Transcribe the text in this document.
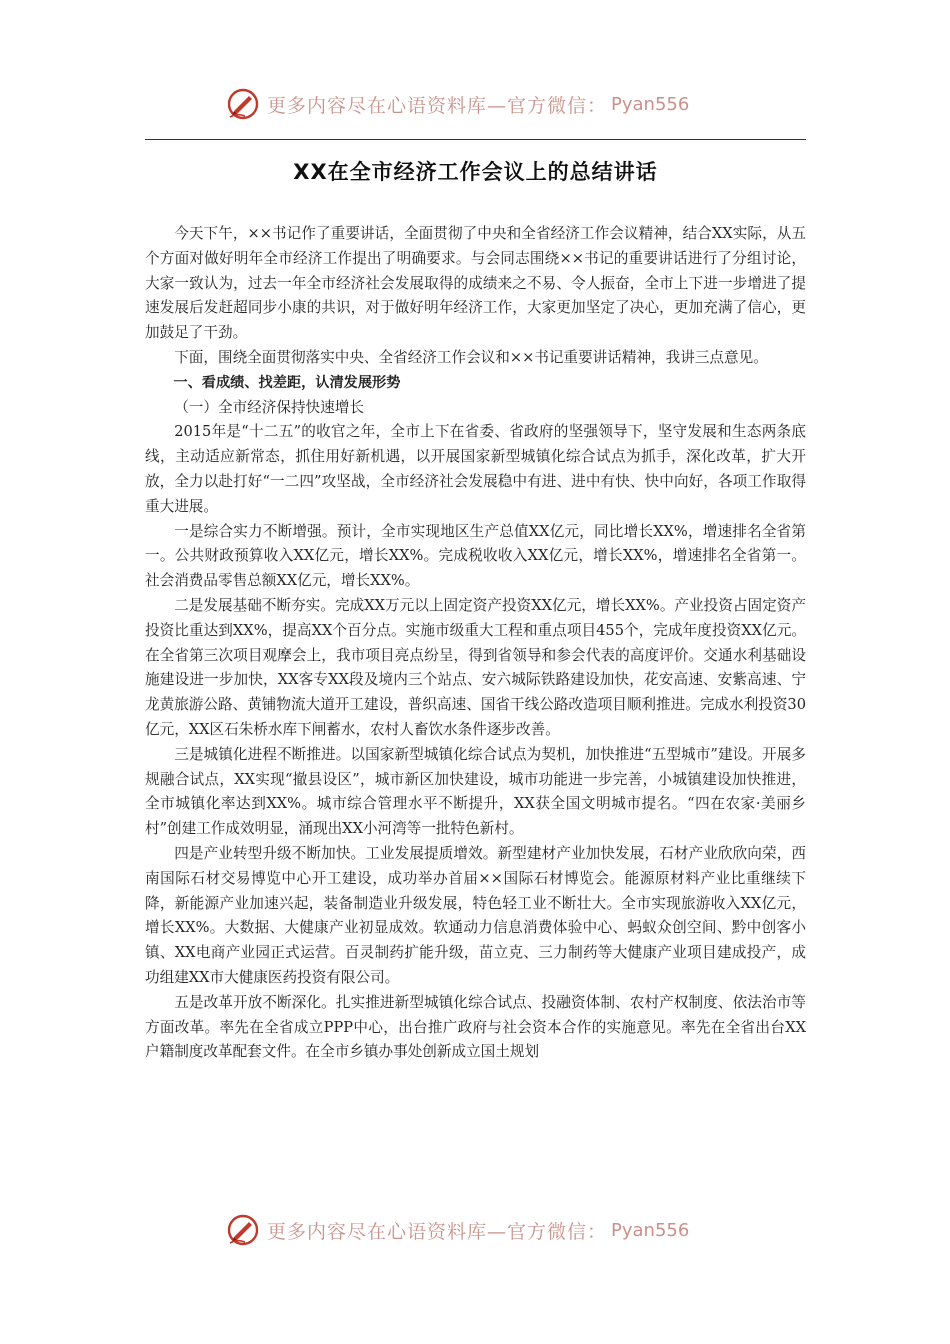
更多内容尽在心语资料库—官方微信： Pyan556
XX在全市经济工作会议上的总结讲话

今天下午，××书记作了重要讲话，全面贯彻了中央和全省经济工作会议精神，结合XX实际，从五个方面对做好明年全市经济工作提出了明确要求。与会同志围绕××书记的重要讲话进行了分组讨论，大家一致认为，过去一年全市经济社会发展取得的成绩来之不易、令人振奋，全市上下进一步增进了提速发展后发赶超同步小康的共识，对于做好明年经济工作，大家更加坚定了决心，更加充满了信心，更加鼓足了干劲。

下面，围绕全面贯彻落实中央、全省经济工作会议和××书记重要讲话精神，我讲三点意见。

一、看成绩、找差距，认清发展形势

（一）全市经济保持快速增长

2015年是“十二五”的收官之年，全市上下在省委、省政府的坚强领导下，坚守发展和生态两条底线，主动适应新常态，抓住用好新机遇，以开展国家新型城镇化综合试点为抓手，深化改革，扩大开放，全力以赴打好“一二四”攻坚战，全市经济社会发展稳中有进、进中有快、快中向好，各项工作取得重大进展。

一是综合实力不断增强。预计，全市实现地区生产总值XX亿元，同比增长XX%，增速排名全省第一。公共财政预算收入XX亿元，增长XX%。完成税收收入XX亿元，增长XX%，增速排名全省第一。社会消费品零售总额XX亿元，增长XX%。

二是发展基础不断夯实。完成XX万元以上固定资产投资XX亿元，增长XX%。产业投资占固定资产投资比重达到XX%，提高XX个百分点。实施市级重大工程和重点项目455个，完成年度投资XX亿元。在全省第三次项目观摩会上，我市项目亮点纷呈，得到省领导和参会代表的高度评价。交通水利基础设施建设进一步加快，XX客专XX段及境内三个站点、安六城际铁路建设加快，花安高速、安紫高速、宁龙黄旅游公路、黄铺物流大道开工建设，普织高速、国省干线公路改造项目顺利推进。完成水利投资30亿元，XX区石朱桥水库下闸蓄水，农村人畜饮水条件逐步改善。

三是城镇化进程不断推进。以国家新型城镇化综合试点为契机，加快推进“五型城市”建设。开展多规融合试点，XX实现“撤县设区”，城市新区加快建设，城市功能进一步完善，小城镇建设加快推进，全市城镇化率达到XX%。城市综合管理水平不断提升，XX获全国文明城市提名。“四在农家·美丽乡村”创建工作成效明显，涌现出XX小河湾等一批特色新村。

四是产业转型升级不断加快。工业发展提质增效。新型建材产业加快发展，石材产业欣欣向荣，西南国际石材交易博览中心开工建设，成功举办首届××国际石材博览会。能源原材料产业比重继续下降，新能源产业加速兴起，装备制造业升级发展，特色轻工业不断壮大。全市实现旅游收入XX亿元，增长XX%。大数据、大健康产业初显成效。软通动力信息消费体验中心、蚂蚁众创空间、黔中创客小镇、XX电商产业园正式运营。百灵制药扩能升级，苗立克、三力制药等大健康产业项目建成投产，成功组建XX市大健康医药投资有限公司。

五是改革开放不断深化。扎实推进新型城镇化综合试点、投融资体制、农村产权制度、依法治市等方面改革。率先在全省成立PPP中心，出台推广政府与社会资本合作的实施意见。率先在全省出台XX户籍制度改革配套文件。在全市乡镇办事处创新成立国土规划

更多内容尽在心语资料库—官方微信： Pyan556
